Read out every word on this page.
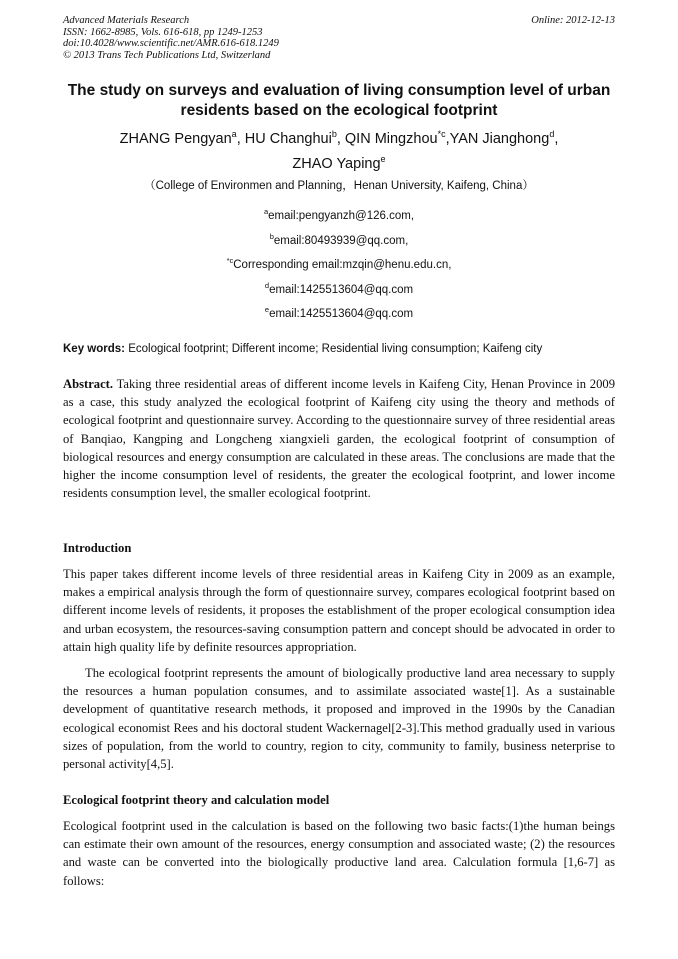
Advanced Materials Research	Online: 2012-12-13
ISSN: 1662-8985, Vols. 616-618, pp 1249-1253
doi:10.4028/www.scientific.net/AMR.616-618.1249
© 2013 Trans Tech Publications Ltd, Switzerland
The study on surveys and evaluation of living consumption level of urban residents based on the ecological footprint
ZHANG Pengyan$^a$, HU Changhui$^b$, QIN Mingzhou$^{*c}$,YAN Jianghong$^d$,
ZHAO Yaping$^e$
（College of Environmen and Planning，Henan University, Kaifeng, China）
$^a$email:pengyanzh@126.com,
$^b$email:80493939@qq.com,
$^{*c}$Corresponding email:mzqin@henu.edu.cn,
$^d$email:1425513604@qq.com
$^e$email:1425513604@qq.com
Key words: Ecological footprint; Different income; Residential living consumption; Kaifeng city

Abstract. Taking three residential areas of different income levels in Kaifeng City, Henan Province in 2009 as a case, this study analyzed the ecological footprint of Kaifeng city using the theory and methods of ecological footprint and questionnaire survey. According to the questionnaire survey of three residential areas of Banqiao, Kangping and Longcheng xiangxieli garden, the ecological footprint of consumption of biological resources and energy consumption are calculated in these areas. The conclusions are made that the higher the income consumption level of residents, the greater the ecological footprint, and lower income residents consumption level, the smaller ecological footprint.

Introduction

This paper takes different income levels of three residential areas in Kaifeng City in 2009 as an example, makes a empirical analysis through the form of questionnaire survey, compares ecological footprint based on different income levels of residents, it proposes the establishment of the proper ecological consumption idea and urban ecosystem, the resources-saving consumption pattern and concept should be advocated in order to attain high quality life by definite resources appropriation.

The ecological footprint represents the amount of biologically productive land area necessary to supply the resources a human population consumes, and to assimilate associated waste[1]. As a sustainable development of quantitative research methods, it proposed and improved in the 1990s by the Canadian ecological economist Rees and his doctoral student Wackernagel[2-3].This method gradually used in various sizes of population, from the world to country, region to city, community to family, business neterprise to personal activity[4,5].

Ecological footprint theory and calculation model

Ecological footprint used in the calculation is based on the following two basic facts:(1)the human beings can estimate their own amount of the resources, energy consumption and associated waste; (2) the resources and waste can be converted into the biologically productive land area. Calculation formula [1,6-7] as follows:
